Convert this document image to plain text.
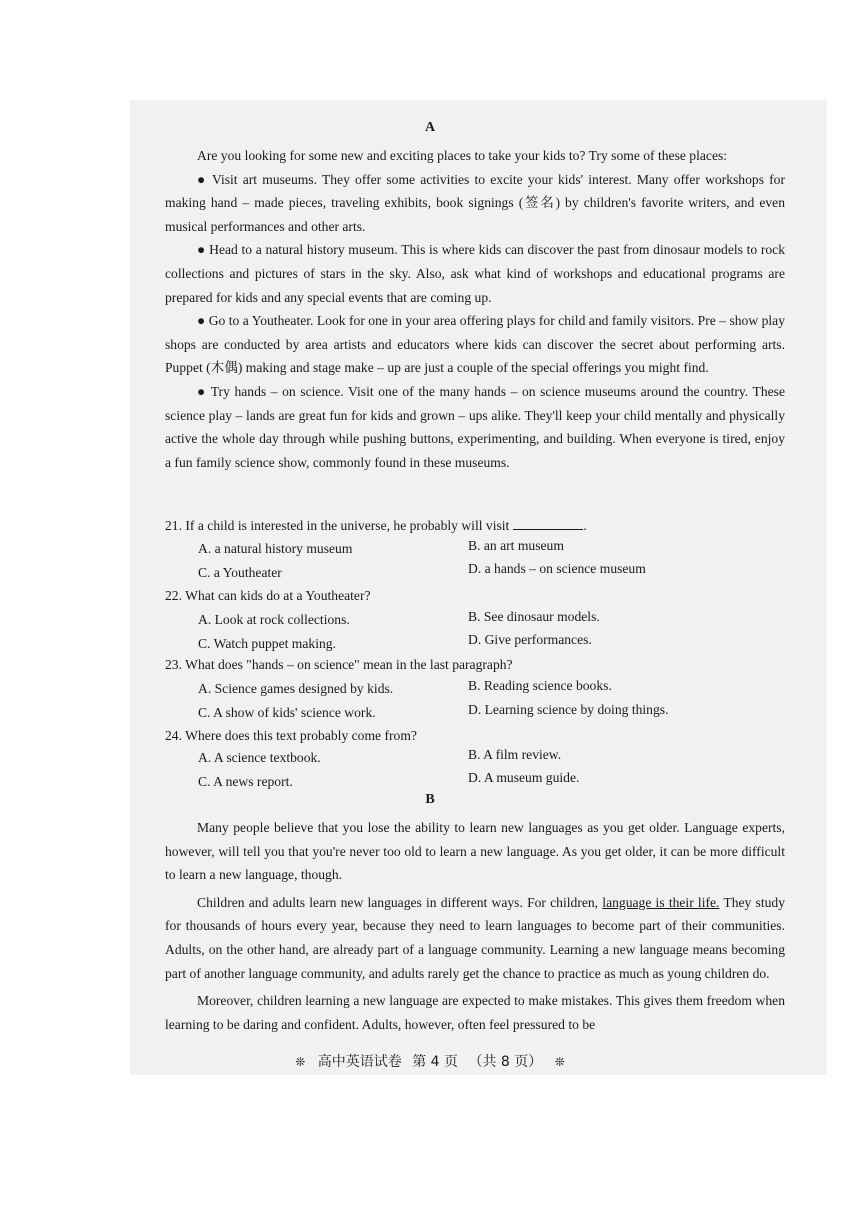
A

Are you looking for some new and exciting places to take your kids to? Try some of these places:

● Visit art museums. They offer some activities to excite your kids' interest. Many offer workshops for making hand – made pieces, traveling exhibits, book signings (签名) by children's favorite writers, and even musical performances and other arts.

● Head to a natural history museum. This is where kids can discover the past from dinosaur models to rock collections and pictures of stars in the sky. Also, ask what kind of workshops and educational programs are prepared for kids and any special events that are coming up.

● Go to a Youtheater. Look for one in your area offering plays for child and family visitors. Pre – show play shops are conducted by area artists and educators where kids can discover the secret about performing arts. Puppet (木偶) making and stage make – up are just a couple of the special offerings you might find.

● Try hands – on science. Visit one of the many hands – on science museums around the country. These science play – lands are great fun for kids and grown – ups alike. They'll keep your child mentally and physically active the whole day through while pushing buttons, experimenting, and building. When everyone is tired, enjoy a fun family science show, commonly found in these museums.

21. If a child is interested in the universe, he probably will visit	.
A. a natural history museum	B. an art museum
C. a Youtheater	D. a hands – on science museum
22. What can kids do at a Youtheater?
A. Look at rock collections.	B. See dinosaur models.
C. Watch puppet making.	D. Give performances.
23. What does "hands – on science" mean in the last paragraph?
A. Science games designed by kids.	B. Reading science books.
C. A show of kids' science work.	D. Learning science by doing things.
24. Where does this text probably come from?
A. A science textbook.	B. A film review.
C. A news report.	D. A museum guide.
B

Many people believe that you lose the ability to learn new languages as you get older. Language experts, however, will tell you that you're never too old to learn a new language. As you get older, it can be more difficult to learn a new language, though.

Children and adults learn new languages in different ways. For children, language is their life. They study for thousands of hours every year, because they need to learn languages to become part of their communities. Adults, on the other hand, are already part of a language community. Learning a new language means becoming part of another language community, and adults rarely get the chance to practice as much as young children do.

Moreover, children learning a new language are expected to make mistakes. This gives them freedom when learning to be daring and confident. Adults, however, often feel pressured to be

❊ 高中英语试卷 第 4 页 （共 8 页） ❊
